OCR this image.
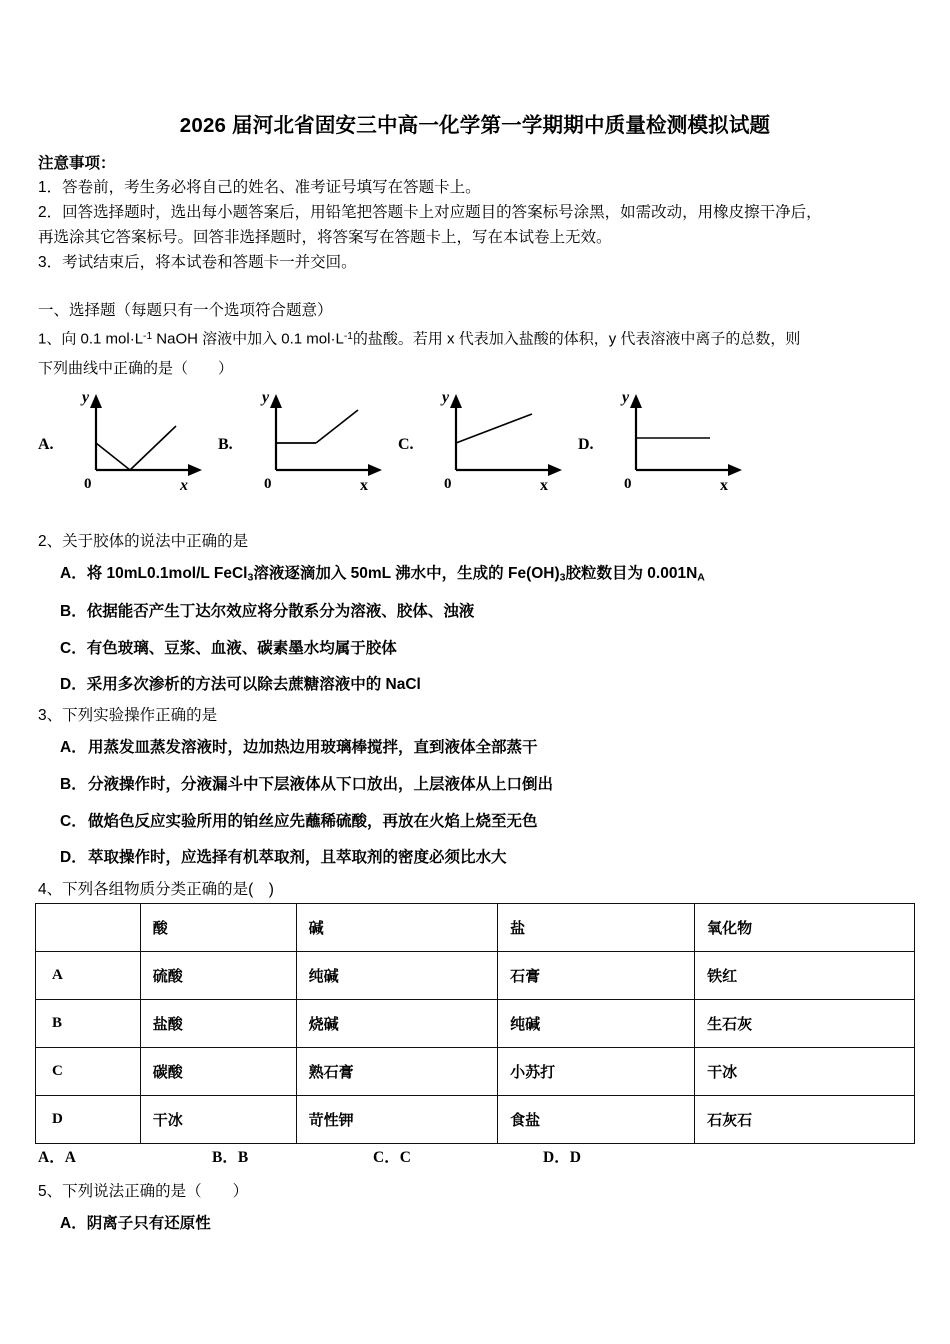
2026 届河北省固安三中高一化学第一学期期中质量检测模拟试题
注意事项：
1．答卷前，考生务必将自己的姓名、准考证号填写在答题卡上。
2．回答选择题时，选出每小题答案后，用铅笔把答题卡上对应题目的答案标号涂黑，如需改动，用橡皮擦干净后，
再选涂其它答案标号。回答非选择题时，将答案写在答题卡上，写在本试卷上无效。
3．考试结束后，将本试卷和答题卡一并交回。
一、选择题（每题只有一个选项符合题意）
1、向 0.1 $mol\cdot L^{-1}$ NaOH 溶液中加入 0.1 $mol\cdot L^{-1}$的盐酸。若用 x 代表加入盐酸的体积，y 代表溶液中离子的总数，则
下列曲线中正确的是（　　）
A.
y
0	x
B.
y
0	x
C.
y
0	x
D.
y
0	x
2、关于胶体的说法中正确的是
A．将 10mL0.1mol/L FeCl$_3$溶液逐滴加入 50mL 沸水中，生成的 $Fe(OH)_3$胶粒数目为 $0.001N_A$
B．依据能否产生丁达尔效应将分散系分为溶液、胶体、浊液
C．有色玻璃、豆浆、血液、碳素墨水均属于胶体
D．采用多次渗析的方法可以除去蔗糖溶液中的 NaCl
3、下列实验操作正确的是
A． 用蒸发皿蒸发溶液时，边加热边用玻璃棒搅拌，直到液体全部蒸干
B． 分液操作时，分液漏斗中下层液体从下口放出，上层液体从上口倒出
C． 做焰色反应实验所用的铂丝应先蘸稀硫酸，再放在火焰上烧至无色
D． 萃取操作时，应选择有机萃取剂，且萃取剂的密度必须比水大
4、下列各组物质分类正确的是(　)
	酸	碱	盐	氧化物
A	硫酸	纯碱	石膏	铁红
B	盐酸	烧碱	纯碱	生石灰
C	碳酸	熟石膏	小苏打	干冰
D	干冰	苛性钾	食盐	石灰石
A．A	B．B	C．C	D．D
5、下列说法正确的是（　　）
A．阴离子只有还原性
